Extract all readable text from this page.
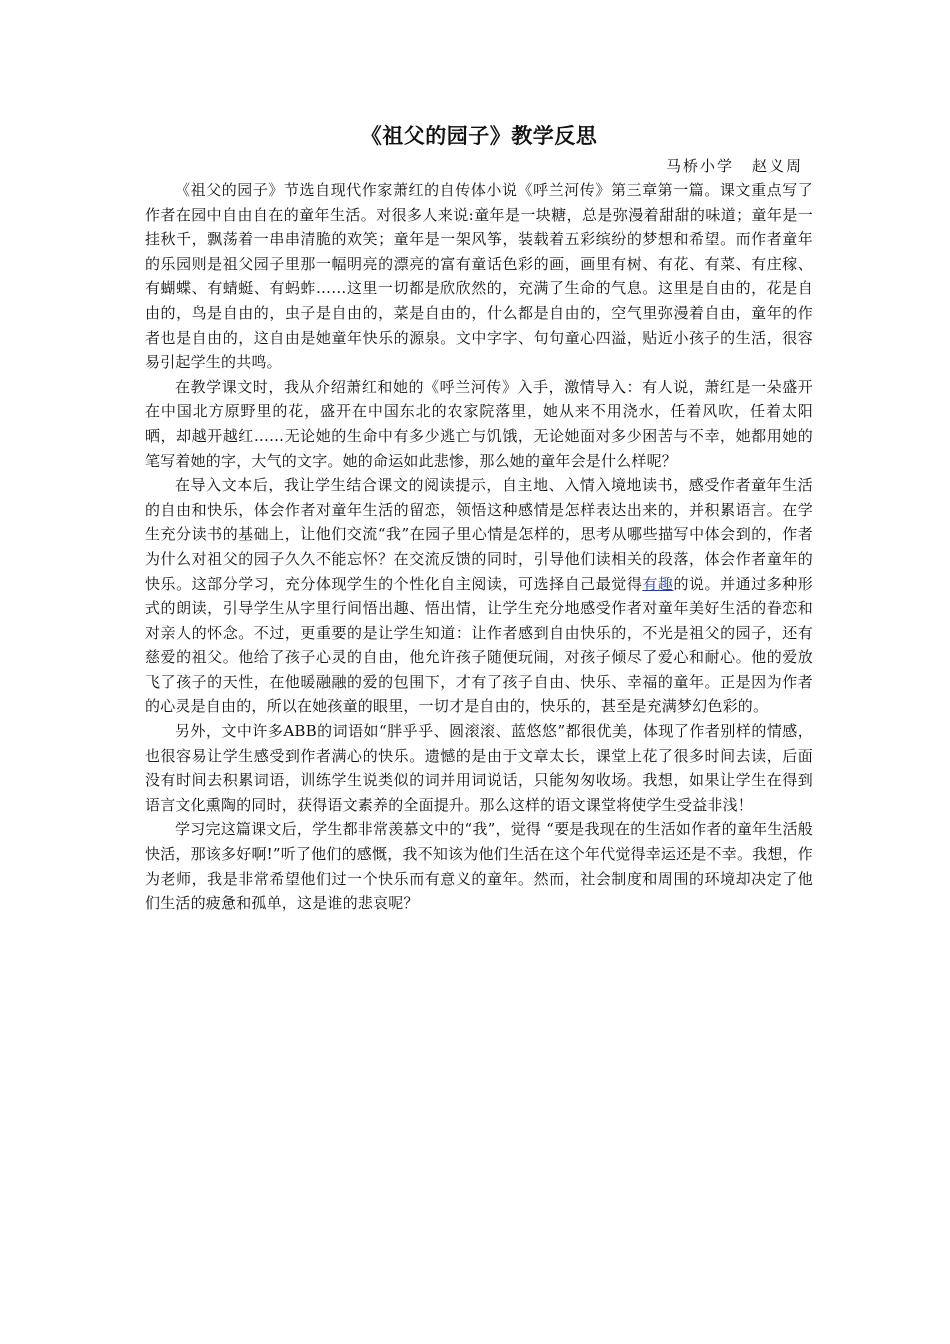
《祖父的园子》教学反思

马桥小学 赵义周

《祖父的园子》节选自现代作家萧红的自传体小说《呼兰河传》第三章第一篇。课文重点写了作者在园中自由自在的童年生活。对很多人来说:童年是一块糖，总是弥漫着甜甜的味道；童年是一挂秋千，飘荡着一串串清脆的欢笑；童年是一架风筝，装载着五彩缤纷的梦想和希望。而作者童年的乐园则是祖父园子里那一幅明亮的漂亮的富有童话色彩的画，画里有树、有花、有菜、有庄稼、有蝴蝶、有蜻蜓、有蚂蚱……这里一切都是欣欣然的，充满了生命的气息。这里是自由的，花是自由的，鸟是自由的，虫子是自由的，菜是自由的，什么都是自由的，空气里弥漫着自由，童年的作者也是自由的，这自由是她童年快乐的源泉。文中字字、句句童心四溢，贴近小孩子的生活，很容易引起学生的共鸣。

在教学课文时，我从介绍萧红和她的《呼兰河传》入手，激情导入：有人说，萧红是一朵盛开在中国北方原野里的花，盛开在中国东北的农家院落里，她从来不用浇水，任着风吹，任着太阳晒，却越开越红……无论她的生命中有多少逃亡与饥饿，无论她面对多少困苦与不幸，她都用她的笔写着她的字，大气的文字。她的命运如此悲惨，那么她的童年会是什么样呢？

在导入文本后，我让学生结合课文的阅读提示，自主地、入情入境地读书，感受作者童年生活的自由和快乐，体会作者对童年生活的留恋，领悟这种感情是怎样表达出来的，并积累语言。在学生充分读书的基础上，让他们交流“我”在园子里心情是怎样的，思考从哪些描写中体会到的，作者为什么对祖父的园子久久不能忘怀？在交流反馈的同时，引导他们读相关的段落，体会作者童年的快乐。这部分学习，充分体现学生的个性化自主阅读，可选择自己最觉得有趣的说。并通过多种形式的朗读，引导学生从字里行间悟出趣、悟出情，让学生充分地感受作者对童年美好生活的眷恋和对亲人的怀念。不过，更重要的是让学生知道：让作者感到自由快乐的，不光是祖父的园子，还有慈爱的祖父。他给了孩子心灵的自由，他允许孩子随便玩闹，对孩子倾尽了爱心和耐心。他的爱放飞了孩子的天性，在他暖融融的爱的包围下，才有了孩子自由、快乐、幸福的童年。正是因为作者的心灵是自由的，所以在她孩童的眼里，一切才是自由的，快乐的，甚至是充满梦幻色彩的。

另外，文中许多ABB的词语如“胖乎乎、圆滚滚、蓝悠悠”都很优美，体现了作者别样的情感，也很容易让学生感受到作者满心的快乐。遗憾的是由于文章太长，课堂上花了很多时间去读，后面没有时间去积累词语，训练学生说类似的词并用词说话，只能匆匆收场。我想，如果让学生在得到语言文化熏陶的同时，获得语文素养的全面提升。那么这样的语文课堂将使学生受益非浅！

学习完这篇课文后，学生都非常羡慕文中的“我”，觉得 “要是我现在的生活如作者的童年生活般快活，那该多好啊!”听了他们的感慨，我不知该为他们生活在这个年代觉得幸运还是不幸。我想，作为老师，我是非常希望他们过一个快乐而有意义的童年。然而，社会制度和周围的环境却决定了他们生活的疲惫和孤单，这是谁的悲哀呢？
